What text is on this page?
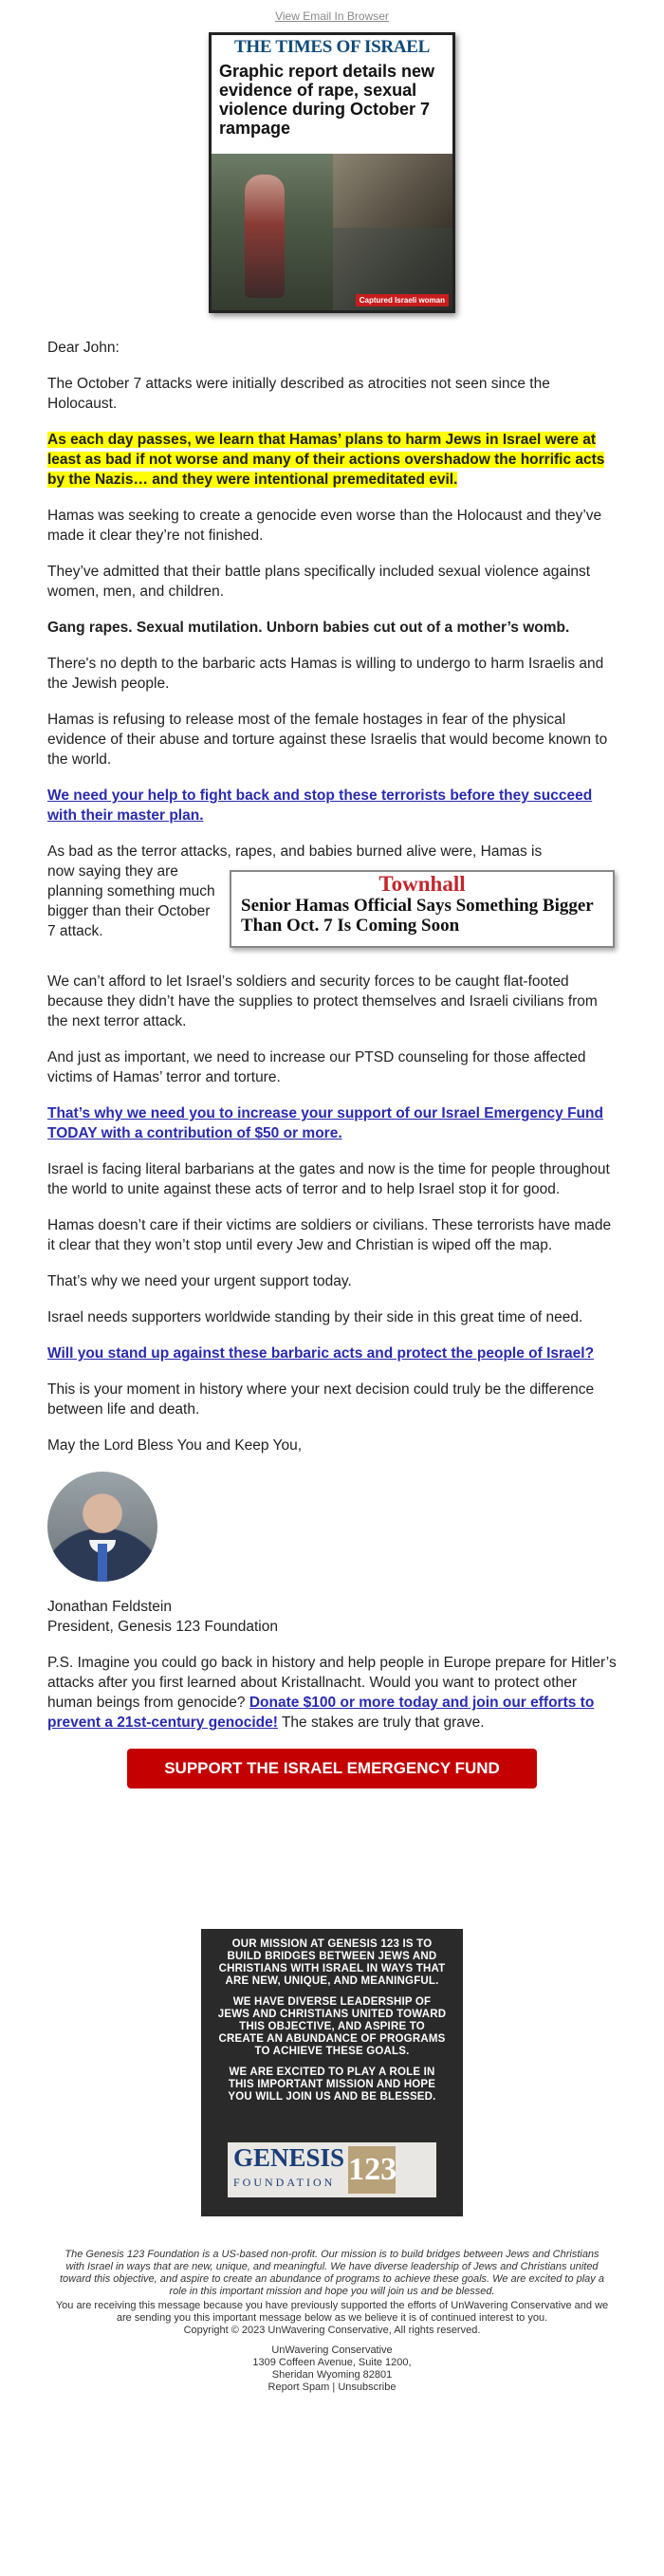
View Email In Browser
THE TIMES OF ISRAEL
Graphic report details new evidence of rape, sexual violence during October 7 rampage
Captured Israeli woman

Dear John:

The October 7 attacks were initially described as atrocities not seen since the Holocaust.

As each day passes, we learn that Hamas’ plans to harm Jews in Israel were at least as bad if not worse and many of their actions overshadow the horrific acts by the Nazis… and they were intentional premeditated evil.

Hamas was seeking to create a genocide even worse than the Holocaust and they’ve made it clear they’re not finished.

They’ve admitted that their battle plans specifically included sexual violence against women, men, and children.

Gang rapes. Sexual mutilation. Unborn babies cut out of a mother’s womb.

There's no depth to the barbaric acts Hamas is willing to undergo to harm Israelis and the Jewish people.

Hamas is refusing to release most of the female hostages in fear of the physical evidence of their abuse and torture against these Israelis that would become known to the world.

We need your help to fight back and stop these terrorists before they succeed with their master plan.

As bad as the terror attacks, rapes, and babies burned alive were, Hamas is
now saying they are planning something much bigger than their October 7 attack.
Townhall
Senior Hamas Official Says Something Bigger Than Oct. 7 Is Coming Soon

We can’t afford to let Israel’s soldiers and security forces to be caught flat-footed because they didn’t have the supplies to protect themselves and Israeli civilians from the next terror attack.

And just as important, we need to increase our PTSD counseling for those affected victims of Hamas’ terror and torture.

That’s why we need you to increase your support of our Israel Emergency Fund TODAY with a contribution of $50 or more.

Israel is facing literal barbarians at the gates and now is the time for people throughout the world to unite against these acts of terror and to help Israel stop it for good.

Hamas doesn’t care if their victims are soldiers or civilians. These terrorists have made it clear that they won’t stop until every Jew and Christian is wiped off the map.

That’s why we need your urgent support today.

Israel needs supporters worldwide standing by their side in this great time of need.

Will you stand up against these barbaric acts and protect the people of Israel?

This is your moment in history where your next decision could truly be the difference between life and death.

May the Lord Bless You and Keep You,

Jonathan Feldstein
President, Genesis 123 Foundation

P.S. Imagine you could go back in history and help people in Europe prepare for Hitler’s attacks after you first learned about Kristallnacht. Would you want to protect other human beings from genocide? Donate $100 or more today and join our efforts to prevent a 21st-century genocide! The stakes are truly that grave.

SUPPORT THE ISRAEL EMERGENCY FUND
OUR MISSION AT GENESIS 123 IS TO BUILD BRIDGES BETWEEN JEWS AND CHRISTIANS WITH ISRAEL IN WAYS THAT ARE NEW, UNIQUE, AND MEANINGFUL.
WE HAVE DIVERSE LEADERSHIP OF JEWS AND CHRISTIANS UNITED TOWARD THIS OBJECTIVE, AND ASPIRE TO CREATE AN ABUNDANCE OF PROGRAMS TO ACHIEVE THESE GOALS.
WE ARE EXCITED TO PLAY A ROLE IN THIS IMPORTANT MISSION AND HOPE YOU WILL JOIN US AND BE BLESSED.
GENESIS
FOUNDATION 123
The Genesis 123 Foundation is a US-based non-profit. Our mission is to build bridges between Jews and Christians with Israel in ways that are new, unique, and meaningful. We have diverse leadership of Jews and Christians united toward this objective, and aspire to create an abundance of programs to achieve these goals. We are excited to play a role in this important mission and hope you will join us and be blessed.
You are receiving this message because you have previously supported the efforts of UnWavering Conservative and we are sending you this important message below as we believe it is of continued interest to you.
Copyright © 2023 UnWavering Conservative, All rights reserved.
UnWavering Conservative
1309 Coffeen Avenue, Suite 1200,
Sheridan Wyoming 82801
Report Spam | Unsubscribe
